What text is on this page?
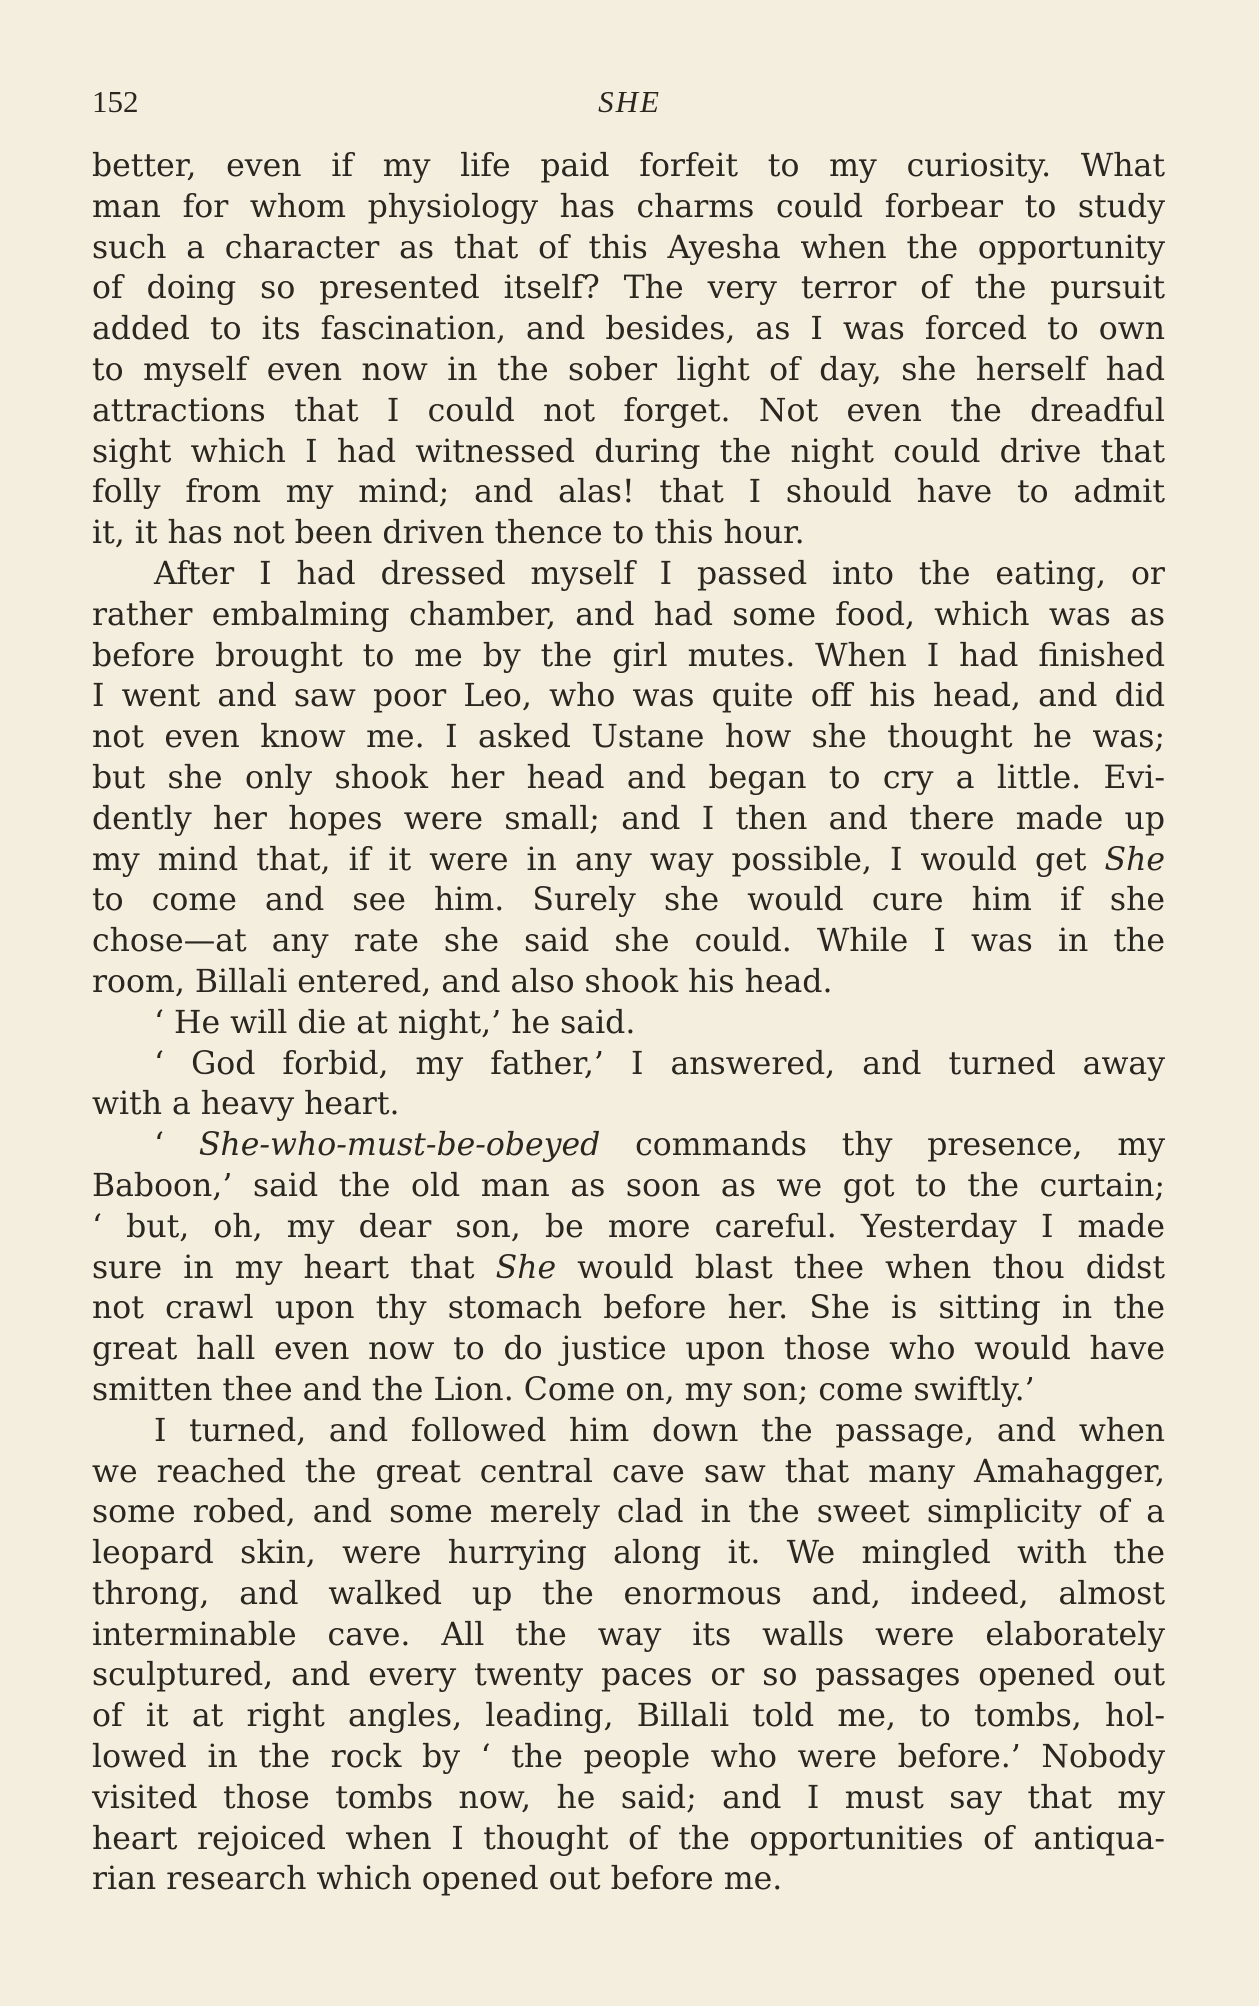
152	SHE
better, even if my life paid forfeit to my curiosity. What
man for whom physiology has charms could forbear to study
such a character as that of this Ayesha when the opportunity
of doing so presented itself? The very terror of the pursuit
added to its fascination, and besides, as I was forced to own
to myself even now in the sober light of day, she herself had
attractions that I could not forget. Not even the dreadful
sight which I had witnessed during the night could drive that
folly from my mind; and alas! that I should have to admit
it, it has not been driven thence to this hour.
After I had dressed myself I passed into the eating, or
rather embalming chamber, and had some food, which was as
before brought to me by the girl mutes. When I had finished
I went and saw poor Leo, who was quite off his head, and did
not even know me. I asked Ustane how she thought he was;
but she only shook her head and began to cry a little. Evi-
dently her hopes were small; and I then and there made up
my mind that, if it were in any way possible, I would get She
to come and see him. Surely she would cure him if she
chose—at any rate she said she could. While I was in the
room, Billali entered, and also shook his head.
‘ He will die at night,’ he said.
‘ God forbid, my father,’ I answered, and turned away
with a heavy heart.
‘ She-who-must-be-obeyed commands thy presence, my
Baboon,’ said the old man as soon as we got to the curtain;
‘ but, oh, my dear son, be more careful. Yesterday I made
sure in my heart that She would blast thee when thou didst
not crawl upon thy stomach before her. She is sitting in the
great hall even now to do justice upon those who would have
smitten thee and the Lion. Come on, my son; come swiftly.’
I turned, and followed him down the passage, and when
we reached the great central cave saw that many Amahagger,
some robed, and some merely clad in the sweet simplicity of a
leopard skin, were hurrying along it. We mingled with the
throng, and walked up the enormous and, indeed, almost
interminable cave. All the way its walls were elaborately
sculptured, and every twenty paces or so passages opened out
of it at right angles, leading, Billali told me, to tombs, hol-
lowed in the rock by ‘ the people who were before.’ Nobody
visited those tombs now, he said; and I must say that my
heart rejoiced when I thought of the opportunities of antiqua-
rian research which opened out before me.
